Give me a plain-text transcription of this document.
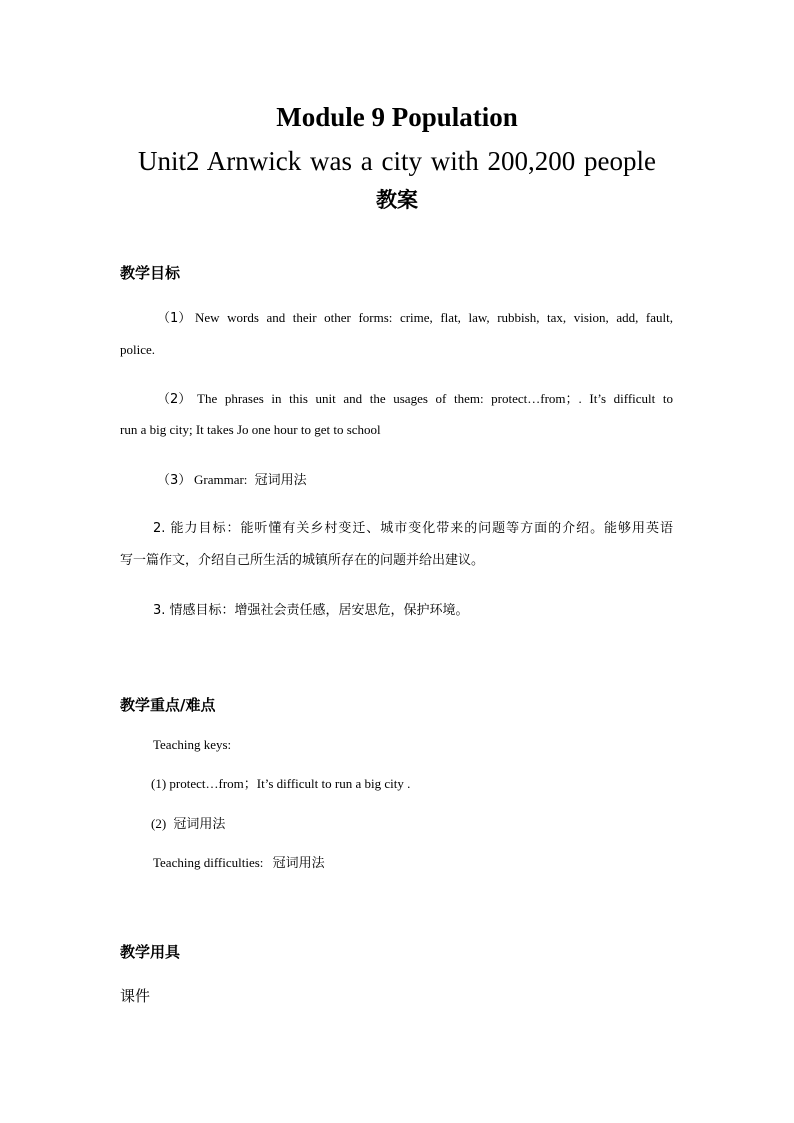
Module 9 Population
Unit2 Arnwick was a city with 200,200 people
教案
教学目标
（1） New words and their other forms: crime, flat, law, rubbish, tax, vision, add, fault,
police.
（2） The phrases in this unit and the usages of them: protect…from；. It’s difficult to
run a big city; It takes Jo one hour to get to school
（3） Grammar: 冠词用法
2. 能力目标：能听懂有关乡村变迁、城市变化带来的问题等方面的介绍。能够用英语
写一篇作文，介绍自己所生活的城镇所存在的问题并给出建议。
3. 情感目标：增强社会责任感，居安思危，保护环境。
教学重点/难点
Teaching keys:
(1) protect…from；It’s difficult to run a big city .
(2) 冠词用法
Teaching difficulties: 冠词用法
教学用具
课件
